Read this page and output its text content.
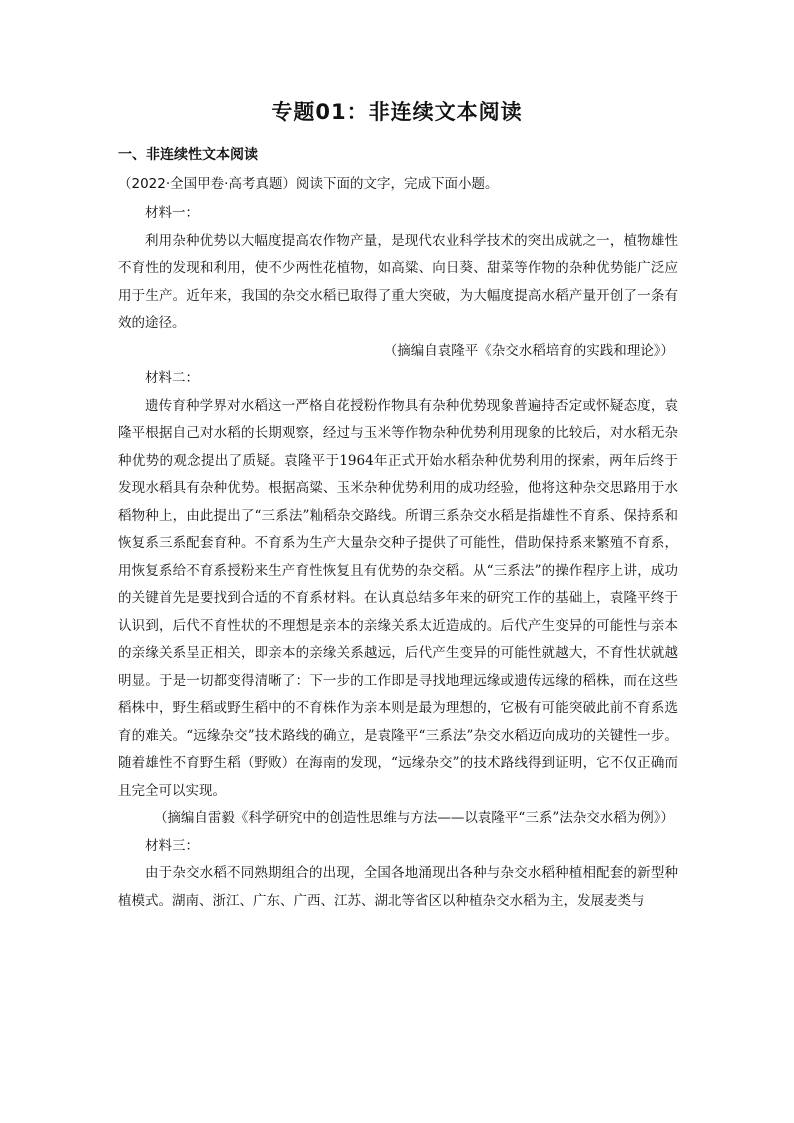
专题01：非连续文本阅读
一、非连续性文本阅读
（2022·全国甲卷·高考真题）阅读下面的文字，完成下面小题。

材料一：

利用杂种优势以大幅度提高农作物产量，是现代农业科学技术的突出成就之一，植物雄性不育性的发现和利用，使不少两性花植物，如高粱、向日葵、甜菜等作物的杂种优势能广泛应用于生产。近年来，我国的杂交水稻已取得了重大突破，为大幅度提高水稻产量开创了一条有效的途径。

（摘编自袁隆平《杂交水稻培育的实践和理论》）

材料二：

遗传育种学界对水稻这一严格自花授粉作物具有杂种优势现象普遍持否定或怀疑态度，袁隆平根据自己对水稻的长期观察，经过与玉米等作物杂种优势利用现象的比较后，对水稻无杂种优势的观念提出了质疑。袁隆平于1964年正式开始水稻杂种优势利用的探索，两年后终于发现水稻具有杂种优势。根据高粱、玉米杂种优势利用的成功经验，他将这种杂交思路用于水稻物种上，由此提出了“三系法”籼稻杂交路线。所谓三系杂交水稻是指雄性不育系、保持系和恢复系三系配套育种。不育系为生产大量杂交种子提供了可能性，借助保持系来繁殖不育系，用恢复系给不育系授粉来生产育性恢复且有优势的杂交稻。从“三系法”的操作程序上讲，成功的关键首先是要找到合适的不育系材料。在认真总结多年来的研究工作的基础上，袁隆平终于认识到，后代不育性状的不理想是亲本的亲缘关系太近造成的。后代产生变异的可能性与亲本的亲缘关系呈正相关，即亲本的亲缘关系越远，后代产生变异的可能性就越大，不育性状就越明显。于是一切都变得清晰了：下一步的工作即是寻找地理远缘或遗传远缘的稻株，而在这些稻株中，野生稻或野生稻中的不育株作为亲本则是最为理想的，它极有可能突破此前不育系选育的难关。“远缘杂交”技术路线的确立，是袁隆平“三系法”杂交水稻迈向成功的关键性一步。随着雄性不育野生稻（野败）在海南的发现，“远缘杂交”的技术路线得到证明，它不仅正确而且完全可以实现。

（摘编自雷毅《科学研究中的创造性思维与方法——以袁隆平“三系”法杂交水稻为例》）

材料三：

由于杂交水稻不同熟期组合的出现，全国各地涌现出各种与杂交水稻种植相配套的新型种植模式。湖南、浙江、广东、广西、江苏、湖北等省区以种植杂交水稻为主，发展麦类与
